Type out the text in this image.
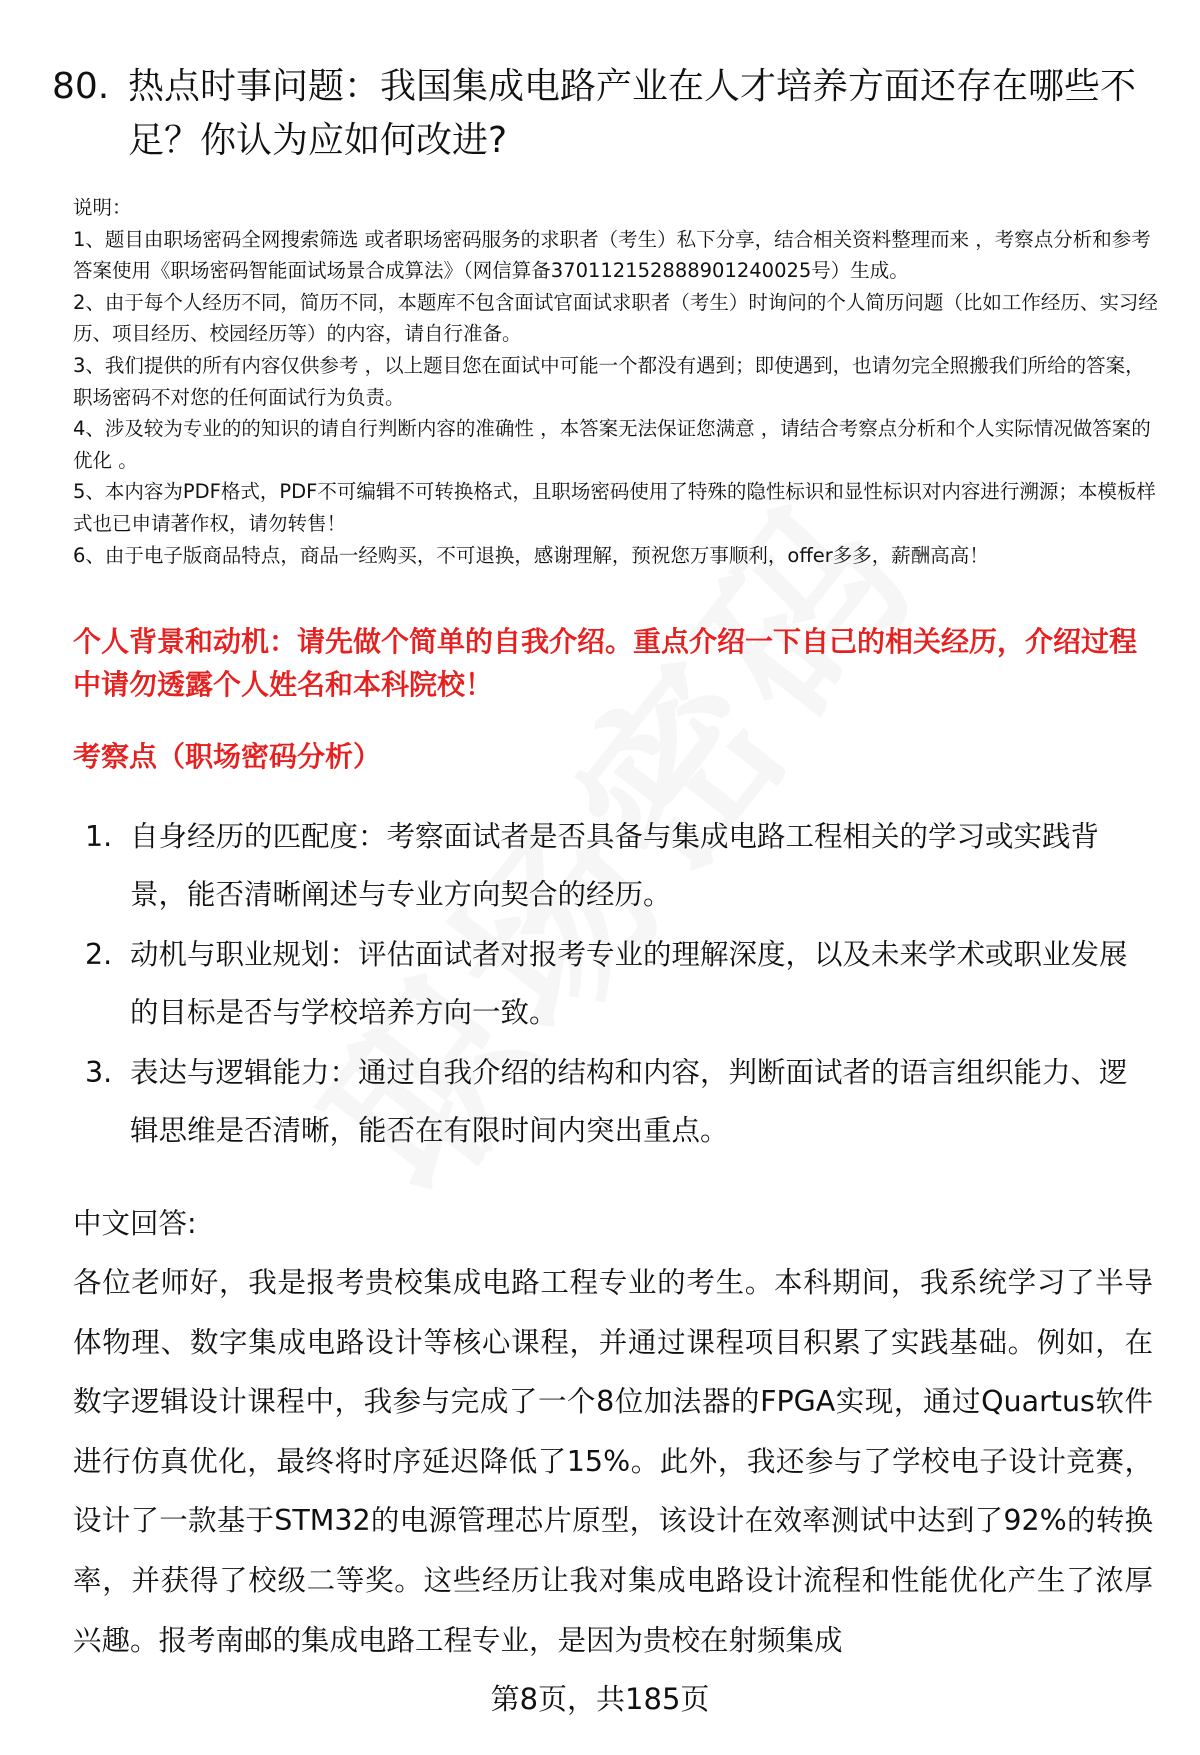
80. 热点时事问题：我国集成电路产业在人才培养方面还存在哪些不足？你认为应如何改进?

说明：

1、题目由职场密码全网搜索筛选 或者职场密码服务的求职者（考生）私下分享，结合相关资料整理而来 ，考察点分析和参考答案使用《职场密码智能面试场景合成算法》（网信算备370112152888901240025号）生成。

2、由于每个人经历不同，简历不同，本题库不包含面试官面试求职者（考生）时询问的个人简历问题（比如工作经历、实习经历、项目经历、校园经历等）的内容，请自行准备。

3、我们提供的所有内容仅供参考 ，以上题目您在面试中可能一个都没有遇到；即使遇到，也请勿完全照搬我们所给的答案，职场密码不对您的任何面试行为负责。

4、涉及较为专业的的知识的请自行判断内容的准确性 ，本答案无法保证您满意 ，请结合考察点分析和个人实际情况做答案的优化 。

5、本内容为PDF格式，PDF不可编辑不可转换格式，且职场密码使用了特殊的隐性标识和显性标识对内容进行溯源；本模板样式也已申请著作权，请勿转售！

6、由于电子版商品特点，商品一经购买，不可退换，感谢理解，预祝您万事顺利，offer多多，薪酬高高！

个人背景和动机：请先做个简单的自我介绍。重点介绍一下自己的相关经历，介绍过程中请勿透露个人姓名和本科院校！
考察点（职场密码分析）
1. 自身经历的匹配度：考察面试者是否具备与集成电路工程相关的学习或实践背景，能否清晰阐述与专业方向契合的经历。
2. 动机与职业规划：评估面试者对报考专业的理解深度，以及未来学术或职业发展的目标是否与学校培养方向一致。
3. 表达与逻辑能力：通过自我介绍的结构和内容，判断面试者的语言组织能力、逻辑思维是否清晰，能否在有限时间内突出重点。
中文回答:
各位老师好，我是报考贵校集成电路工程专业的考生。本科期间，我系统学习了半导体物理、数字集成电路设计等核心课程，并通过课程项目积累了实践基础。例如，在数字逻辑设计课程中，我参与完成了一个8位加法器的FPGA实现，通过Quartus软件进行仿真优化，最终将时序延迟降低了15%。此外，我还参与了学校电子设计竞赛，设计了一款基于STM32的电源管理芯片原型，该设计在效率测试中达到了92%的转换率，并获得了校级二等奖。这些经历让我对集成电路设计流程和性能优化产生了浓厚兴趣。报考南邮的集成电路工程专业，是因为贵校在射频集成
第8页，共185页
